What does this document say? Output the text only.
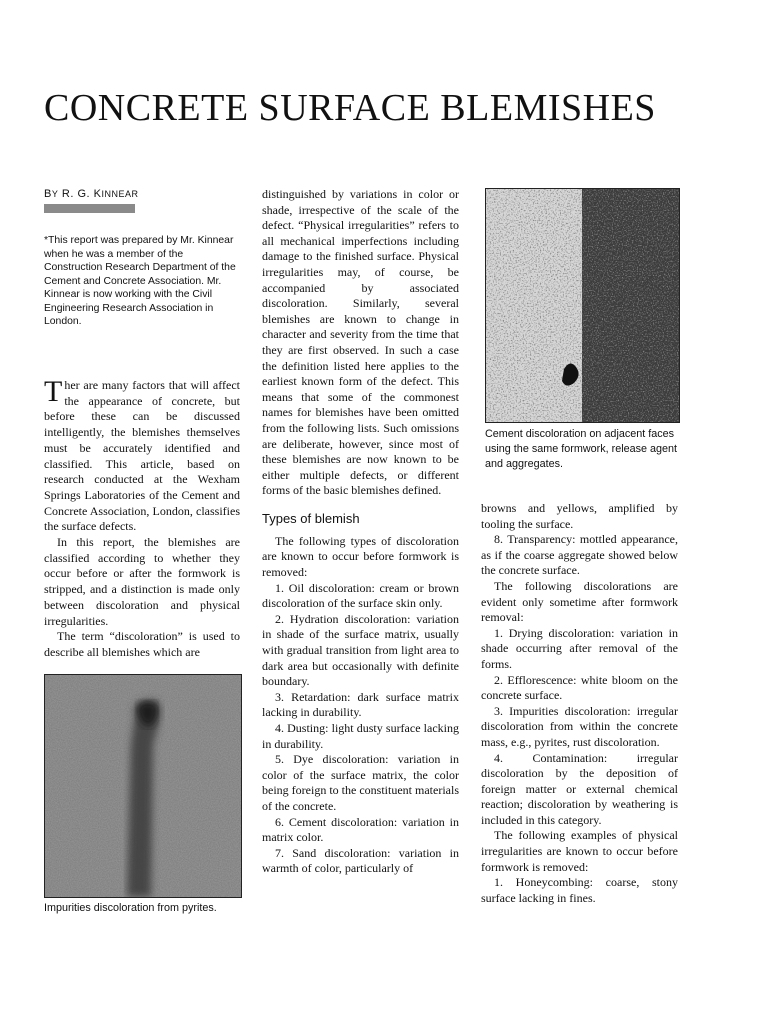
CONCRETE SURFACE BLEMISHES
BY R. G. KINNEAR
*This report was prepared by Mr. Kinnear when he was a member of the Construction Research Department of the Cement and Concrete Association. Mr. Kinnear is now working with the Civil Engineering Research Association in London.

Ther are many factors that will affect the appearance of concrete, but before these can be discussed intelligently, the blemishes themselves must be accurately identified and classified. This article, based on research conducted at the Wexham Springs Laboratories of the Cement and Concrete Association, London, classifies the surface defects.

In this report, the blemishes are classified according to whether they occur before or after the formwork is stripped, and a distinction is made only between discoloration and physical irregularities.

The term “discoloration” is used to describe all blemishes which are

Impurities discoloration from pyrites.

distinguished by variations in color or shade, irrespective of the scale of the defect. “Physical irregularities” refers to all mechanical imperfections including damage to the finished surface. Physical irregularities may, of course, be accompanied by associated discoloration. Similarly, several blemishes are known to change in character and severity from the time that they are first observed. In such a case the definition listed here applies to the earliest known form of the defect. This means that some of the commonest names for blemishes have been omitted from the following lists. Such omissions are deliberate, however, since most of these blemishes are now known to be either multiple defects, or different forms of the basic blemishes defined.

Types of blemish

The following types of discoloration are known to occur before formwork is removed:

1. Oil discoloration: cream or brown discoloration of the surface skin only.

2. Hydration discoloration: variation in shade of the surface matrix, usually with gradual transition from light area to dark area but occasionally with definite boundary.

3. Retardation: dark surface matrix lacking in durability.

4. Dusting: light dusty surface lacking in durability.

5. Dye discoloration: variation in color of the surface matrix, the color being foreign to the constituent materials of the concrete.

6. Cement discoloration: variation in matrix color.

7. Sand discoloration: variation in warmth of color, particularly of

Cement discoloration on adjacent faces using the same formwork, release agent and aggregates.

browns and yellows, amplified by tooling the surface.

8. Transparency: mottled appearance, as if the coarse aggregate showed below the concrete surface.

The following discolorations are evident only sometime after formwork removal:

1. Drying discoloration: variation in shade occurring after removal of the forms.

2. Efflorescence: white bloom on the concrete surface.

3. Impurities discoloration: irregular discoloration from within the concrete mass, e.g., pyrites, rust discoloration.

4. Contamination: irregular discoloration by the deposition of foreign matter or external chemical reaction; discoloration by weathering is included in this category.

The following examples of physical irregularities are known to occur before formwork is removed:

1. Honeycombing: coarse, stony surface lacking in fines.
